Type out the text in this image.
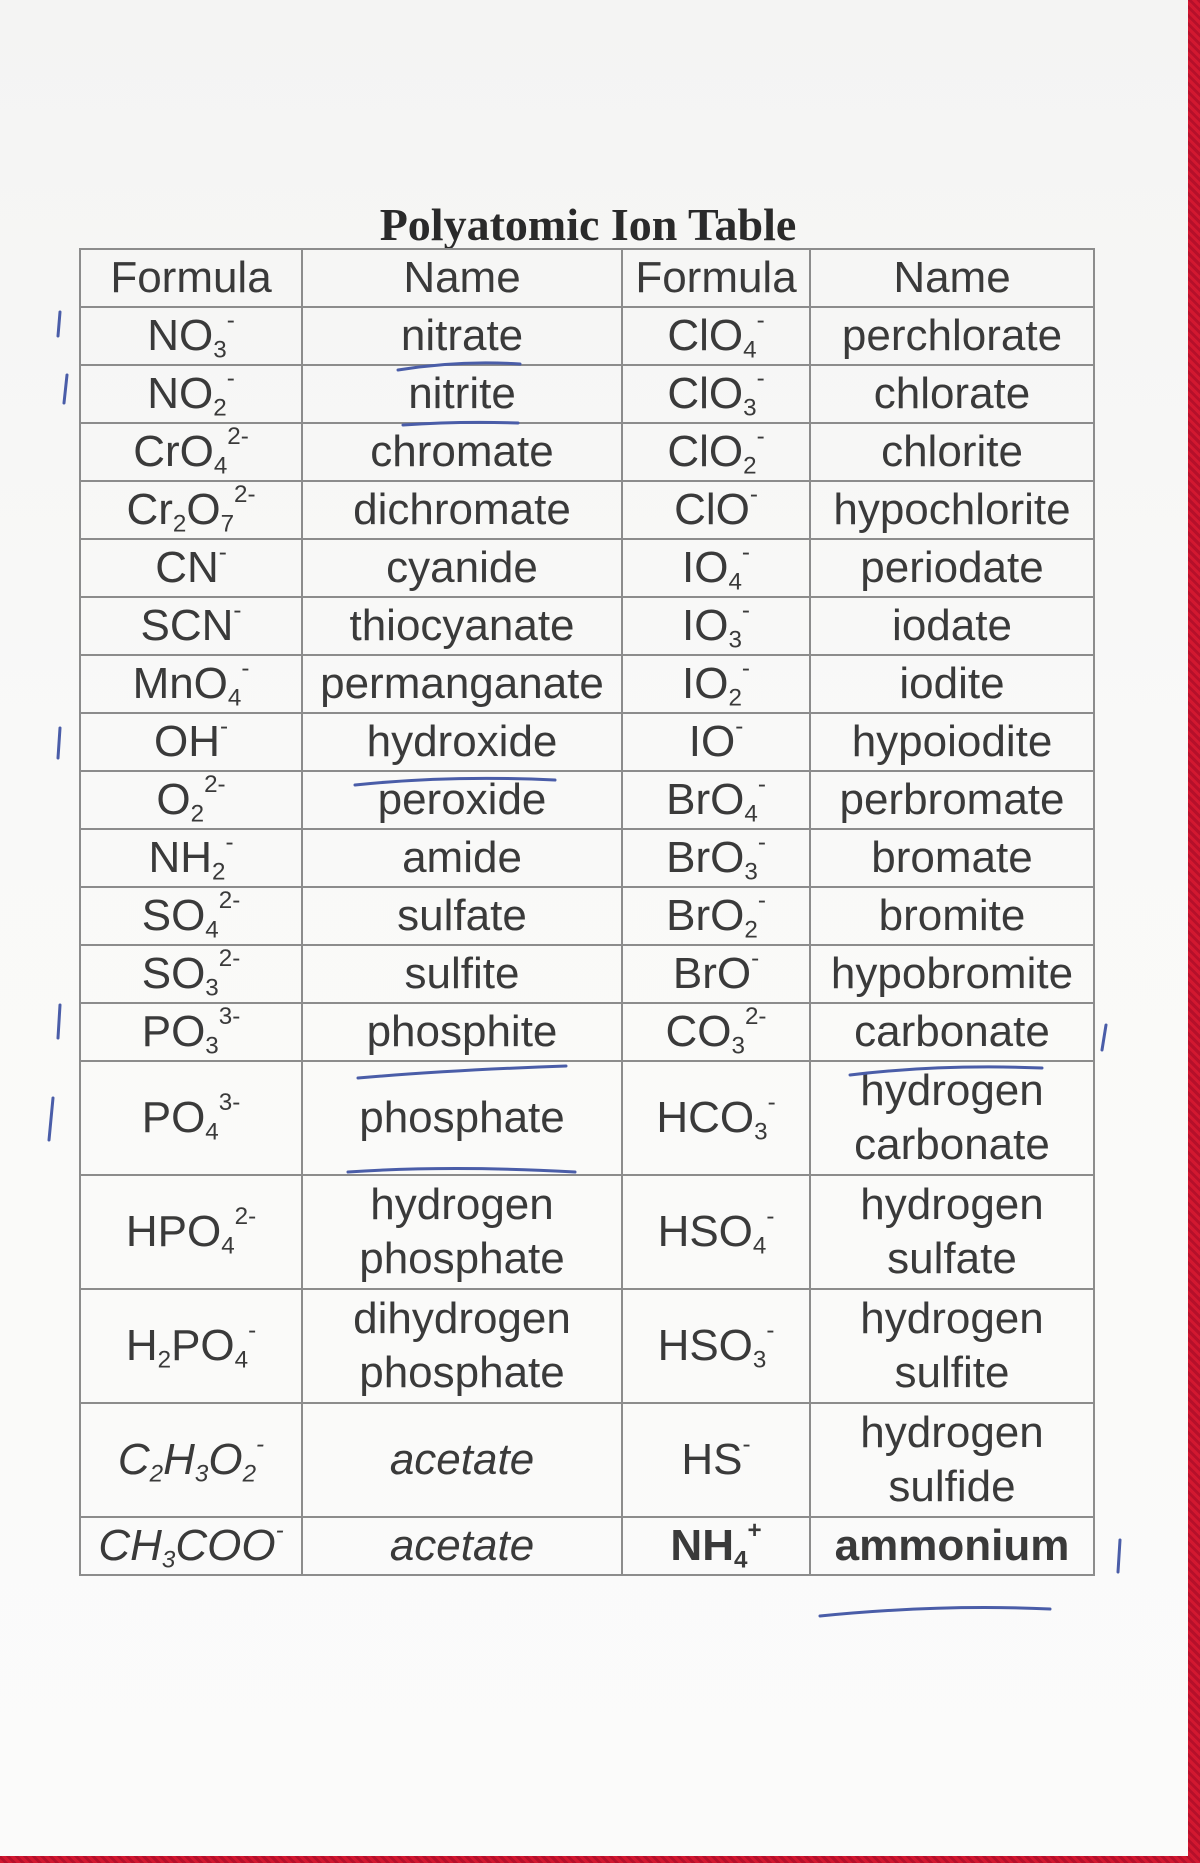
Polyatomic Ion Table
Formula	Name	Formula	Name
$NO_3^-$	nitrate	ClO$_4$-	perchlorate
$NO_2^-$	nitrite	ClO$_3$-	chlorate
CrO$_4^{2-}$	chromate	ClO$_2$-	chlorite
$Cr_2O_7^{2-}$	dichromate	ClO-	hypochlorite
CN-	cyanide	$IO_4^-$	periodate
SCN-	thiocyanate	$IO_3^-$	iodate
MnO$_4$-	permanganate	$IO_2^-$	iodite
OH-	hydroxide	IO-	hypoiodite
$O_2^{2-}$	peroxide	BrO$_4$-	perbromate
$NH_2^-$	amide	BrO$_3$-	bromate
$SO_4^{2-}$	sulfate	BrO$_2$-	bromite
$SO_3^{2-}$	sulfite	BrO-	hypobromite
$PO_3^{3-}$	phosphite	$CO_3^{2-}$	carbonate
$PO_4^{3-}$	phosphate	$HCO_3^-$	hydrogen carbonate
$HPO_4^{2-}$	hydrogen phosphate	$HSO_4^-$	hydrogen sulfate
$H_2PO_4^-$	dihydrogen phosphate	$HSO_3^-$	hydrogen sulfite
$C_2H_3O_2^-$	acetate	HS-	hydrogen sulfide
$CH_3COO^-$	acetate	$NH_4^+$	ammonium
